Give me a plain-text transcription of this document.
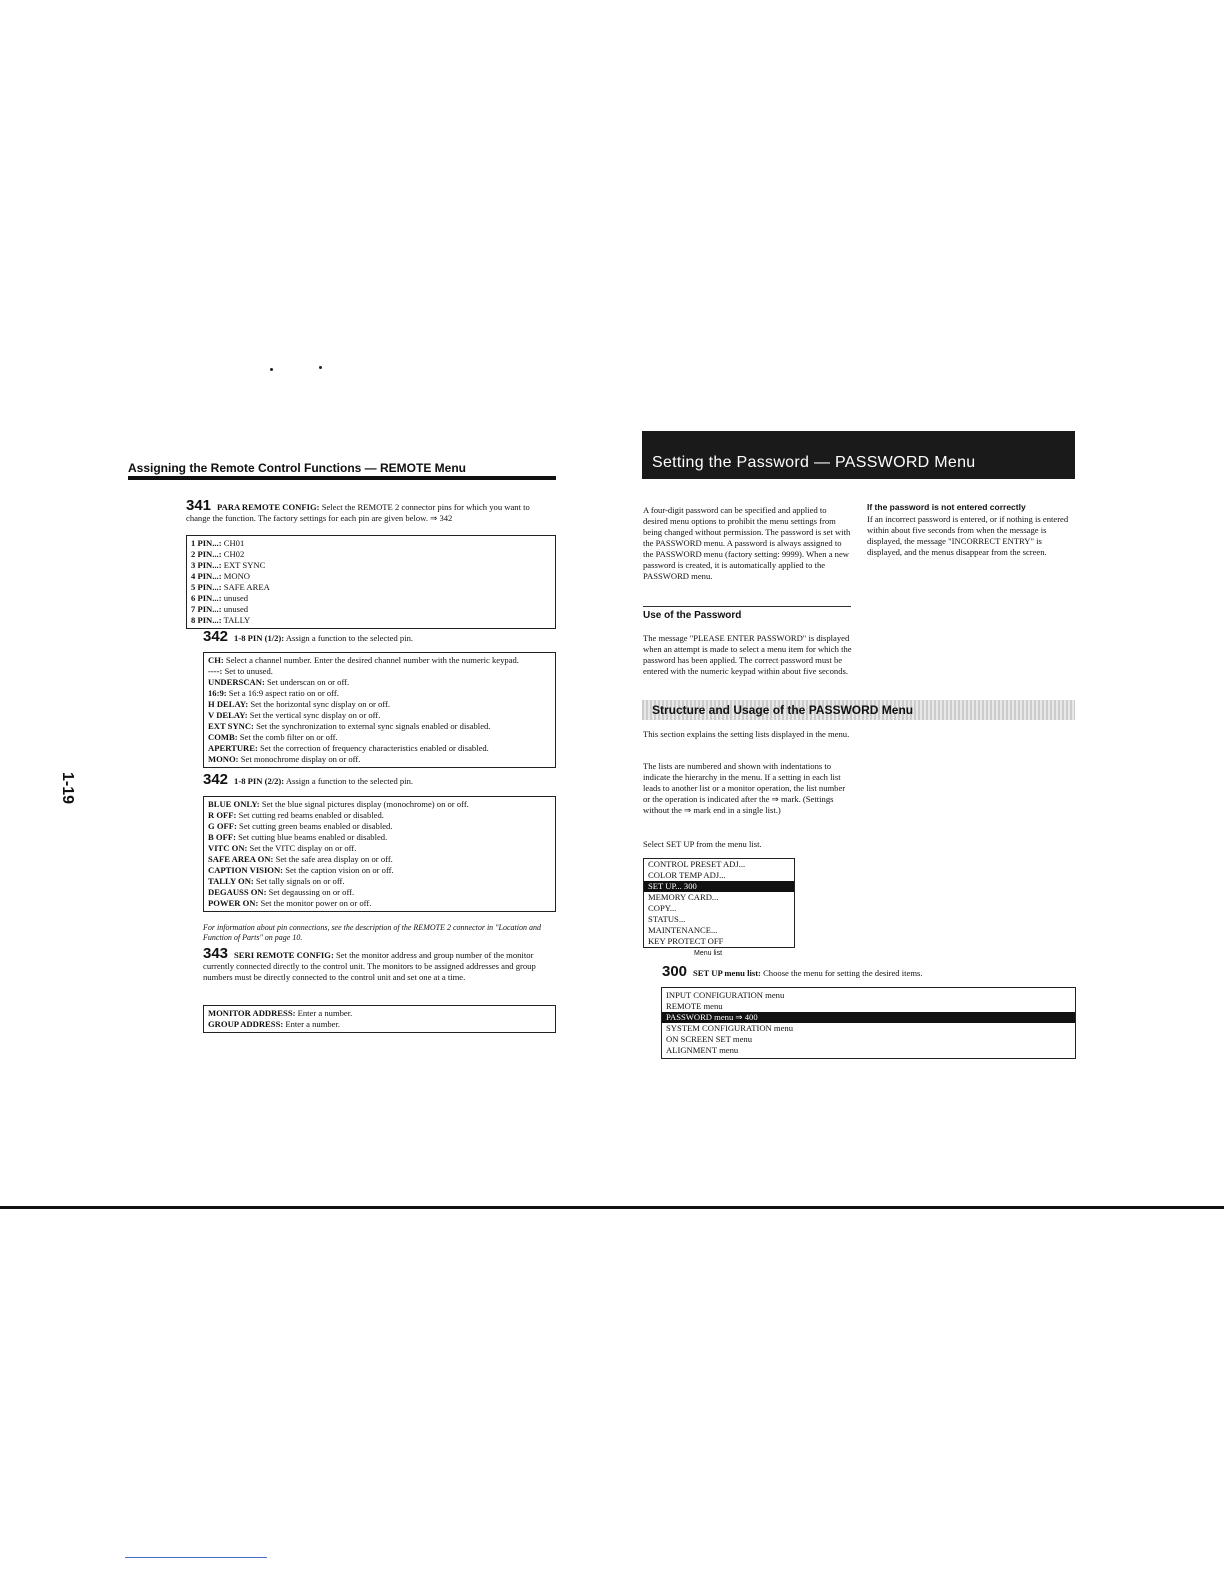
1-19
Assigning the Remote Control Functions — REMOTE Menu
341 PARA REMOTE CONFIG: Select the REMOTE 2 connector pins for which you want to change the function. The factory settings for each pin are given below. ⇒ 342
1 PIN...: CH01
2 PIN...: CH02
3 PIN...: EXT SYNC
4 PIN...: MONO
5 PIN...: SAFE AREA
6 PIN...: unused
7 PIN...: unused
8 PIN...: TALLY
342 1-8 PIN (1/2): Assign a function to the selected pin.
CH: Select a channel number. Enter the desired channel number with the numeric keypad.
----: Set to unused.
UNDERSCAN: Set underscan on or off.
16:9: Set a 16:9 aspect ratio on or off.
H DELAY: Set the horizontal sync display on or off.
V DELAY: Set the vertical sync display on or off.
EXT SYNC: Set the synchronization to external sync signals enabled or disabled.
COMB: Set the comb filter on or off.
APERTURE: Set the correction of frequency characteristics enabled or disabled.
MONO: Set monochrome display on or off.
342 1-8 PIN (2/2): Assign a function to the selected pin.
BLUE ONLY: Set the blue signal pictures display (monochrome) on or off.
R OFF: Set cutting red beams enabled or disabled.
G OFF: Set cutting green beams enabled or disabled.
B OFF: Set cutting blue beams enabled or disabled.
VITC ON: Set the VITC display on or off.
SAFE AREA ON: Set the safe area display on or off.
CAPTION VISION: Set the caption vision on or off.
TALLY ON: Set tally signals on or off.
DEGAUSS ON: Set degaussing on or off.
POWER ON: Set the monitor power on or off.
For information about pin connections, see the description of the REMOTE 2 connector in "Location and Function of Parts" on page 10.
343 SERI REMOTE CONFIG: Set the monitor address and group number of the monitor currently connected directly to the control unit. The monitors to be assigned addresses and group numbers must be directly connected to the control unit and set one at a time.
MONITOR ADDRESS: Enter a number.
GROUP ADDRESS: Enter a number.
Setting the Password — PASSWORD Menu
A four-digit password can be specified and applied to desired menu options to prohibit the menu settings from being changed without permission. The password is set with the PASSWORD menu. A password is always assigned to the PASSWORD menu (factory setting: 9999). When a new password is created, it is automatically applied to the PASSWORD menu.
If the password is not entered correctly
If an incorrect password is entered, or if nothing is entered within about five seconds from when the message is displayed, the message "INCORRECT ENTRY" is displayed, and the menus disappear from the screen.
Use of the Password
The message "PLEASE ENTER PASSWORD" is displayed when an attempt is made to select a menu item for which the password has been applied. The correct password must be entered with the numeric keypad within about five seconds.
Structure and Usage of the PASSWORD Menu
This section explains the setting lists displayed in the menu.
The lists are numbered and shown with indentations to indicate the hierarchy in the menu. If a setting in each list leads to another list or a monitor operation, the list number or the operation is indicated after the ⇒ mark. (Settings without the ⇒ mark end in a single list.)
Select SET UP from the menu list.
CONTROL PRESET ADJ...
COLOR TEMP ADJ...
SET UP... 300
MEMORY CARD...
COPY...
STATUS...
MAINTENANCE...
KEY PROTECT OFF
Menu list
300 SET UP menu list: Choose the menu for setting the desired items.
INPUT CONFIGURATION menu
REMOTE menu
PASSWORD menu ⇒ 400
SYSTEM CONFIGURATION menu
ON SCREEN SET menu
ALIGNMENT menu
